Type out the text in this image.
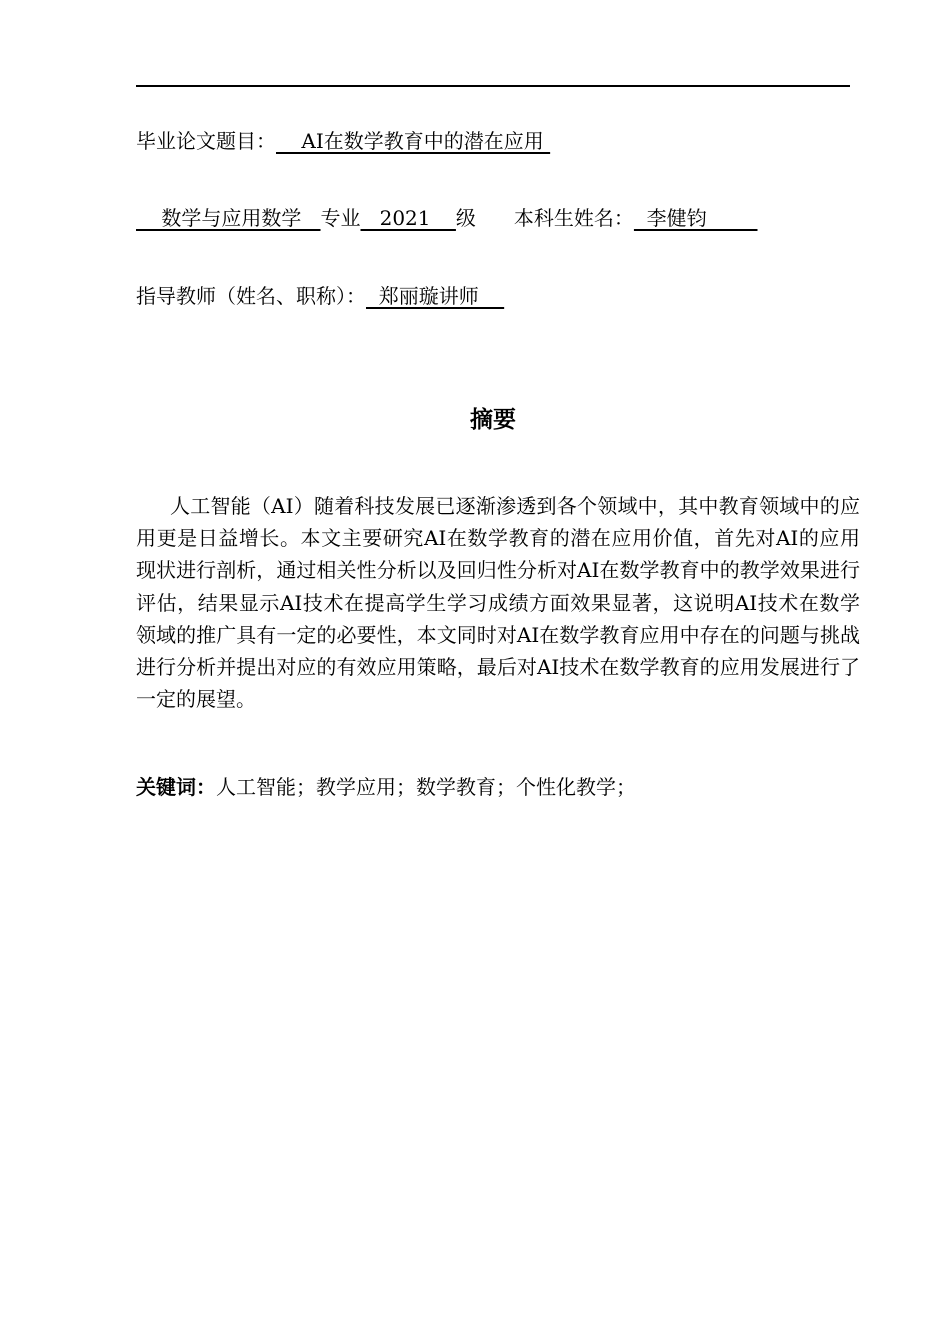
毕业论文题目：    AI在数学教育中的潜在应用
数学与应用数学   专业   2021    级 本科生姓名：  李健钧
指导教师（姓名、职称）：  郑丽璇讲师
摘要

人工智能（AI）随着科技发展已逐渐渗透到各个领域中，其中教育领域中的应用更是日益增长。本文主要研究AI在数学教育的潜在应用价值，首先对AI的应用现状进行剖析，通过相关性分析以及回归性分析对AI在数学教育中的教学效果进行评估，结果显示AI技术在提高学生学习成绩方面效果显著，这说明AI技术在数学领域的推广具有一定的必要性，本文同时对AI在数学教育应用中存在的问题与挑战进行分析并提出对应的有效应用策略，最后对AI技术在数学教育的应用发展进行了一定的展望。

关键词：人工智能；教学应用；数学教育；个性化教学；
